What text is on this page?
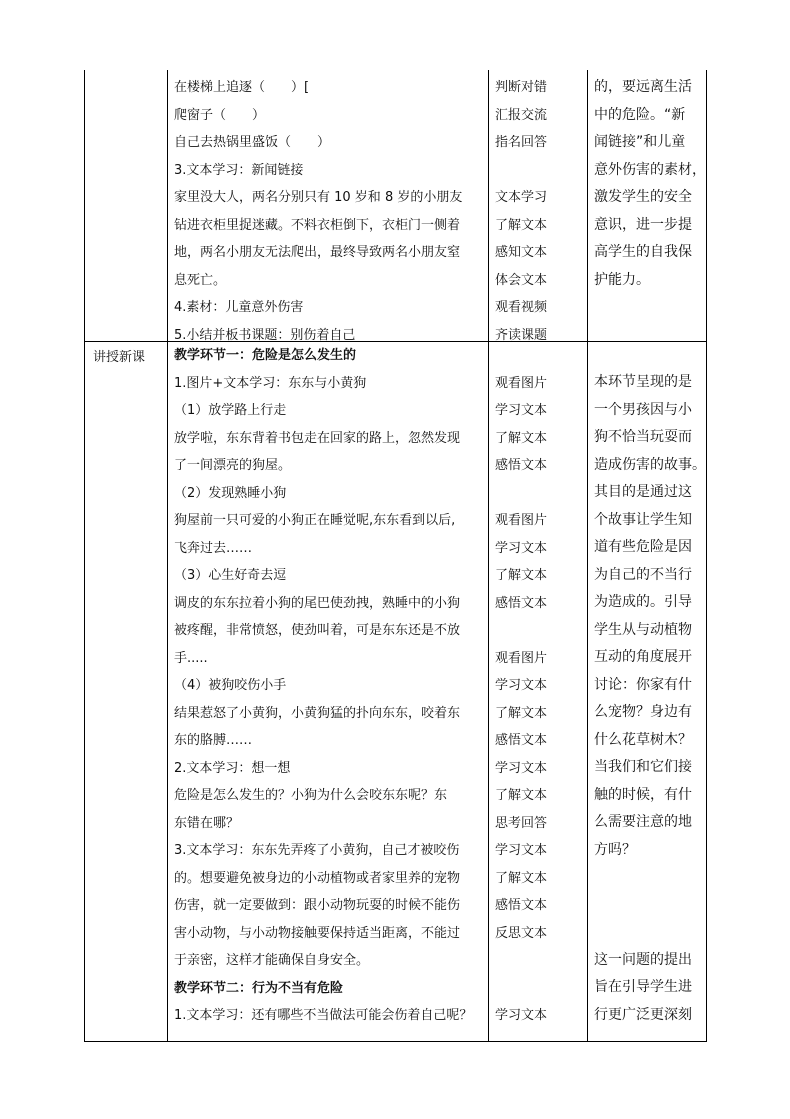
在楼梯上追逐（　　）[
爬窗子（　　）
自己去热锅里盛饭（　　）
3.文本学习：新闻链接
家里没大人，两名分别只有 10 岁和 8 岁的小朋友
钻进衣柜里捉迷藏。不料衣柜倒下，衣柜门一侧着
地，两名小朋友无法爬出，最终导致两名小朋友窒
息死亡。
4.素材：儿童意外伤害
5.小结并板书课题：别伤着自己
判断对错
汇报交流
指名回答

文本学习
了解文本
感知文本
体会文本
观看视频
齐读课题
的，要远离生活
中的危险。“新
闻链接”和儿童
意外伤害的素材，
激发学生的安全
意识，进一步提
高学生的自我保
护能力。
讲授新课 教学环节一：危险是怎么发生的
1.图片+文本学习：东东与小黄狗
（1）放学路上行走
放学啦，东东背着书包走在回家的路上，忽然发现
了一间漂亮的狗屋。
（2）发现熟睡小狗
狗屋前一只可爱的小狗正在睡觉呢,东东看到以后,
飞奔过去……
（3）心生好奇去逗
调皮的东东拉着小狗的尾巴使劲拽，熟睡中的小狗
被疼醒，非常愤怒，使劲叫着，可是东东还是不放
手.....
（4）被狗咬伤小手
结果惹怒了小黄狗，小黄狗猛的扑向东东，咬着东
东的胳膊……
2.文本学习：想一想
危险是怎么发生的？小狗为什么会咬东东呢？东
东错在哪？
3.文本学习：东东先弄疼了小黄狗，自己才被咬伤
的。想要避免被身边的小动植物或者家里养的宠物
伤害，就一定要做到：跟小动物玩耍的时候不能伤
害小动物，与小动物接触要保持适当距离，不能过
于亲密，这样才能确保自身安全。
教学环节二：行为不当有危险
1.文本学习：还有哪些不当做法可能会伤着自己呢？

观看图片
学习文本
了解文本
感悟文本

观看图片
学习文本
了解文本
感悟文本

观看图片
学习文本
了解文本
感悟文本
学习文本
了解文本
思考回答
学习文本
了解文本
感悟文本
反思文本

学习文本
本环节呈现的是
一个男孩因与小
狗不恰当玩耍而
造成伤害的故事。
其目的是通过这
个故事让学生知
道有些危险是因
为自己的不当行
为造成的。引导
学生从与动植物
互动的角度展开
讨论：你家有什
么宠物？身边有
什么花草树木？
当我们和它们接
触的时候，有什
么需要注意的地
方吗？

这一问题的提出
旨在引导学生进
行更广泛更深刻
